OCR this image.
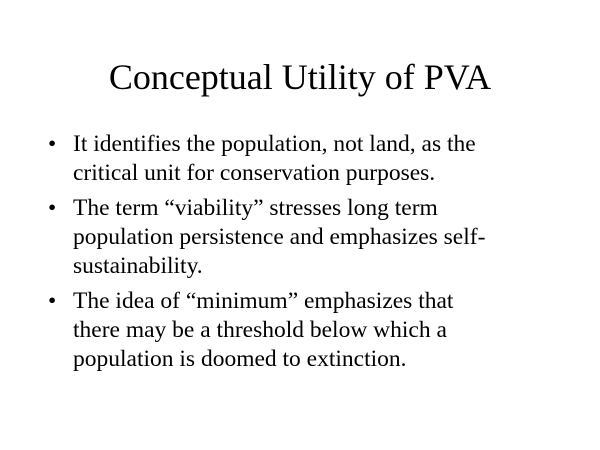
Conceptual Utility of PVA
• It identifies the population, not land, as the
critical unit for conservation purposes.
• The term “viability” stresses long term
population persistence and emphasizes self-
sustainability.
• The idea of “minimum” emphasizes that
there may be a threshold below which a
population is doomed to extinction.
